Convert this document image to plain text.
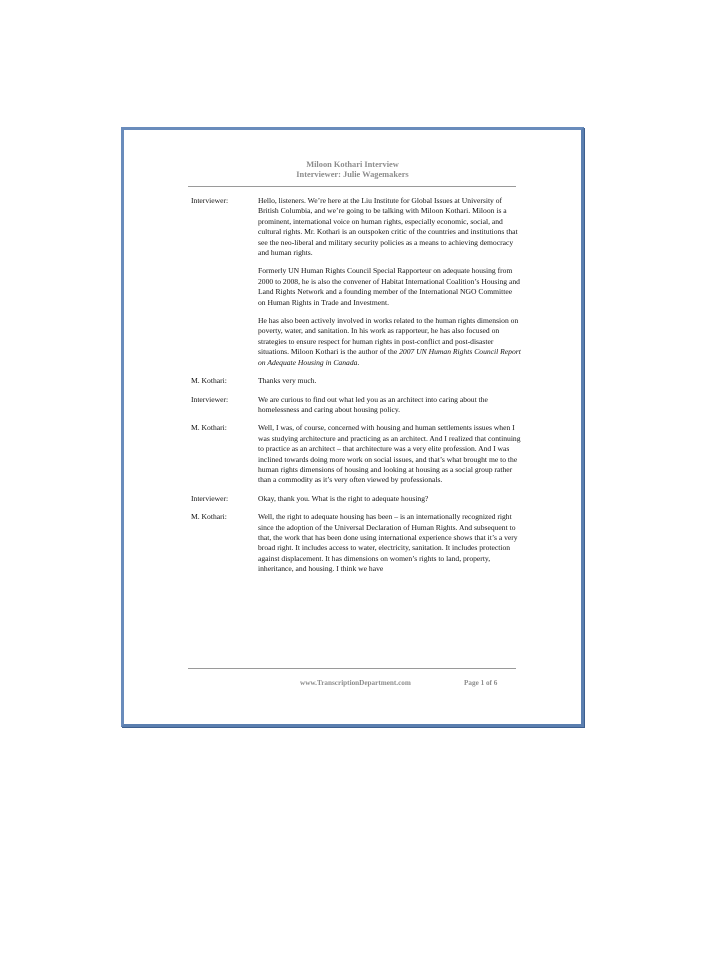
Miloon Kothari Interview
Interviewer: Julie Wagemakers
Interviewer:	Hello, listeners. We’re here at the Liu Institute for Global Issues at University of British Columbia, and we’re going to be talking with Miloon Kothari. Miloon is a prominent, international voice on human rights, especially economic, social, and cultural rights. Mr. Kothari is an outspoken critic of the countries and institutions that see the neo-liberal and military security policies as a means to achieving democracy and human rights.

Formerly UN Human Rights Council Special Rapporteur on adequate housing from 2000 to 2008, he is also the convener of Habitat International Coalition’s Housing and Land Rights Network and a founding member of the International NGO Committee on Human Rights in Trade and Investment.

He has also been actively involved in works related to the human rights dimension on poverty, water, and sanitation. In his work as rapporteur, he has also focused on strategies to ensure respect for human rights in post-conflict and post-disaster situations. Miloon Kothari is the author of the 2007 UN Human Rights Council Report on Adequate Housing in Canada.

M. Kothari:	Thanks very much.

Interviewer:	We are curious to find out what led you as an architect into caring about the homelessness and caring about housing policy.

M. Kothari:	Well, I was, of course, concerned with housing and human settlements issues when I was studying architecture and practicing as an architect. And I realized that continuing to practice as an architect – that architecture was a very elite profession. And I was inclined towards doing more work on social issues, and that’s what brought me to the human rights dimensions of housing and looking at housing as a social group rather than a commodity as it’s very often viewed by professionals.

Interviewer:	Okay, thank you. What is the right to adequate housing?

M. Kothari:	Well, the right to adequate housing has been – is an internationally recognized right since the adoption of the Universal Declaration of Human Rights. And subsequent to that, the work that has been done using international experience shows that it’s a very broad right. It includes access to water, electricity, sanitation. It includes protection against displacement. It has dimensions on women’s rights to land, property, inheritance, and housing. I think we have

www.TranscriptionDepartment.com	Page 1 of 6
